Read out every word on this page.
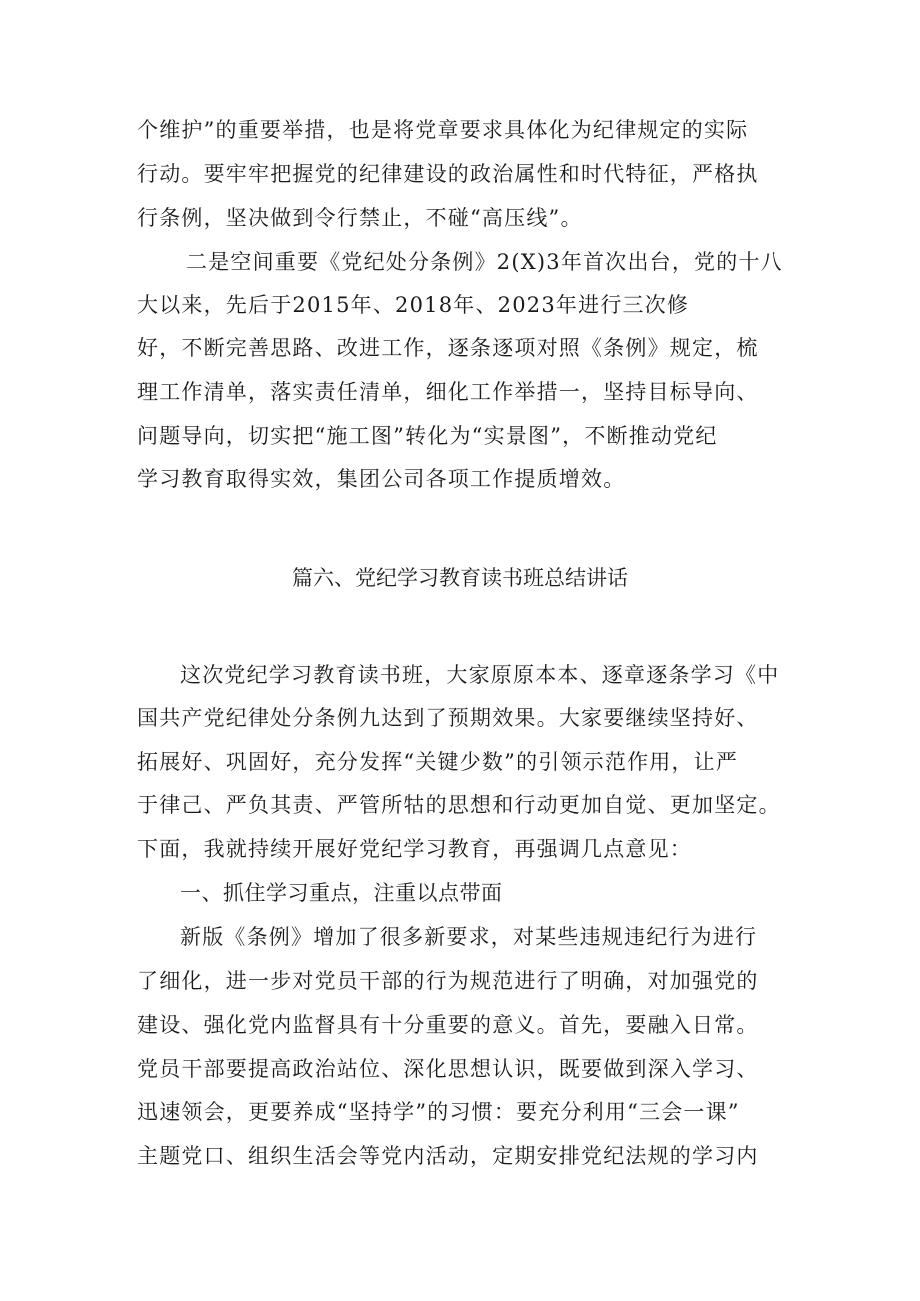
个维护”的重要举措，也是将党章要求具体化为纪律规定的实际
行动。要牢牢把握党的纪律建设的政治属性和时代特征，严格执
行条例，坚决做到令行禁止，不碰“高压线”。
二是空间重要《党纪处分条例》2(X)3年首次出台，党的十八
大以来，先后于2015年、2018年、2023年进行三次修
好，不断完善思路、改进工作，逐条逐项对照《条例》规定，梳
理工作清单，落实责任清单，细化工作举措一，坚持目标导向、
问题导向，切实把“施工图”转化为“实景图”，不断推动党纪
学习教育取得实效，集团公司各项工作提质增效。
篇六、党纪学习教育读书班总结讲话
这次党纪学习教育读书班，大家原原本本、逐章逐条学习《中
国共产党纪律处分条例九达到了预期效果。大家要继续坚持好、
拓展好、巩固好，充分发挥“关键少数”的引领示范作用，让严
于律己、严负其责、严管所牯的思想和行动更加自觉、更加坚定。
下面，我就持续开展好党纪学习教育，再强调几点意见：
一、抓住学习重点，注重以点带面
新版《条例》增加了很多新要求，对某些违规违纪行为进行
了细化，进一步对党员干部的行为规范进行了明确，对加强党的
建设、强化党内监督具有十分重要的意义。首先，要融入日常。
党员干部要提高政治站位、深化思想认识，既要做到深入学习、
迅速领会，更要养成“坚持学”的习惯：要充分利用“三会一课”
主题党口、组织生活会等党内活动，定期安排党纪法规的学习内
